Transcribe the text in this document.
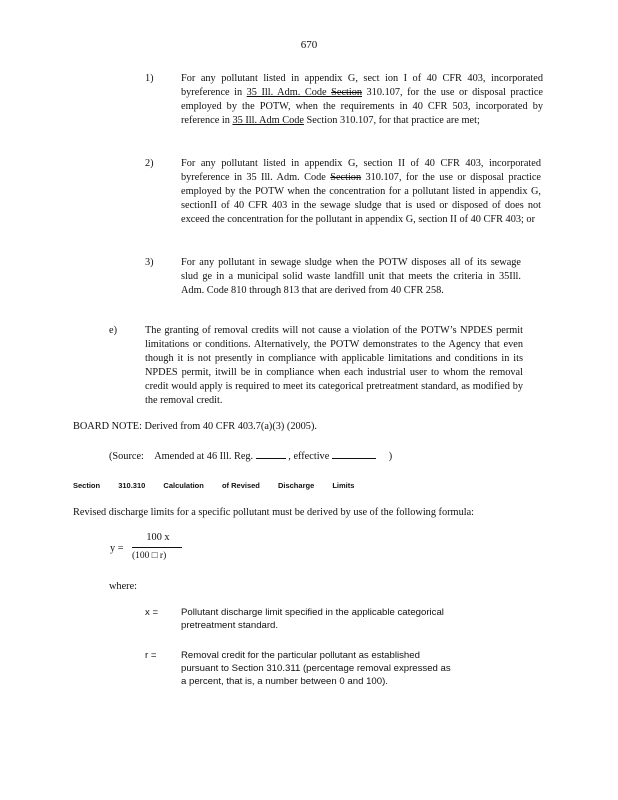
670
1)	For any pollutant listed in appendix G, sect ion I of 40 CFR 403, incorporated byreference in 35 Ill. Adm. Code Section 310.107, for the use or disposal practice employed by the POTW, when the requirements in 40 CFR 503, incorporated by reference in 35 Ill. Adm Code Section 310.107, for that practice are met;
2)	For any pollutant listed in appendix G, section II of 40 CFR 403, incorporated byreference in 35 Ill. Adm. Code Section 310.107, for the use or disposal practice employed by the POTW when the concentration for a pollutant listed in appendix G, sectionII of 40 CFR 403 in the sewage sludge that is used or disposed of does not exceed the concentration for the pollutant in appendix G, section II of 40 CFR 403; or
3)	For any pollutant in sewage sludge when the POTW disposes all of its sewage slud ge in a municipal solid waste landfill unit that meets the criteria in 35Ill. Adm. Code 810 through 813 that are derived from 40 CFR 258.
e)	The granting of removal credits will not cause a violation of the POTW’s NPDES permit limitations or conditions. Alternatively, the POTW demonstrates to the Agency that even though it is not presently in compliance with applicable limitations and conditions in its NPDES permit, itwill be in compliance when each industrial user to whom the removal credit would apply is required to meet its categorical pretreatment standard, as modified by the removal credit.
BOARD NOTE: Derived from 40 CFR 403.7(a)(3) (2005).
(Source: Amended at 46 Ill. Reg.	, effective	)
Section 310.310 Calculation of Revised Discharge Limits
Revised discharge limits for a specific pollutant must be derived by use of the following formula:
y =
100 x
(100 □ r)
where:
x = Pollutant discharge limit specified in the applicable categorical pretreatment standard.
r =	Removal credit for the particular pollutant as established pursuant to Section 310.311 (percentage removal expressed as a percent, that is, a number between 0 and 100).
